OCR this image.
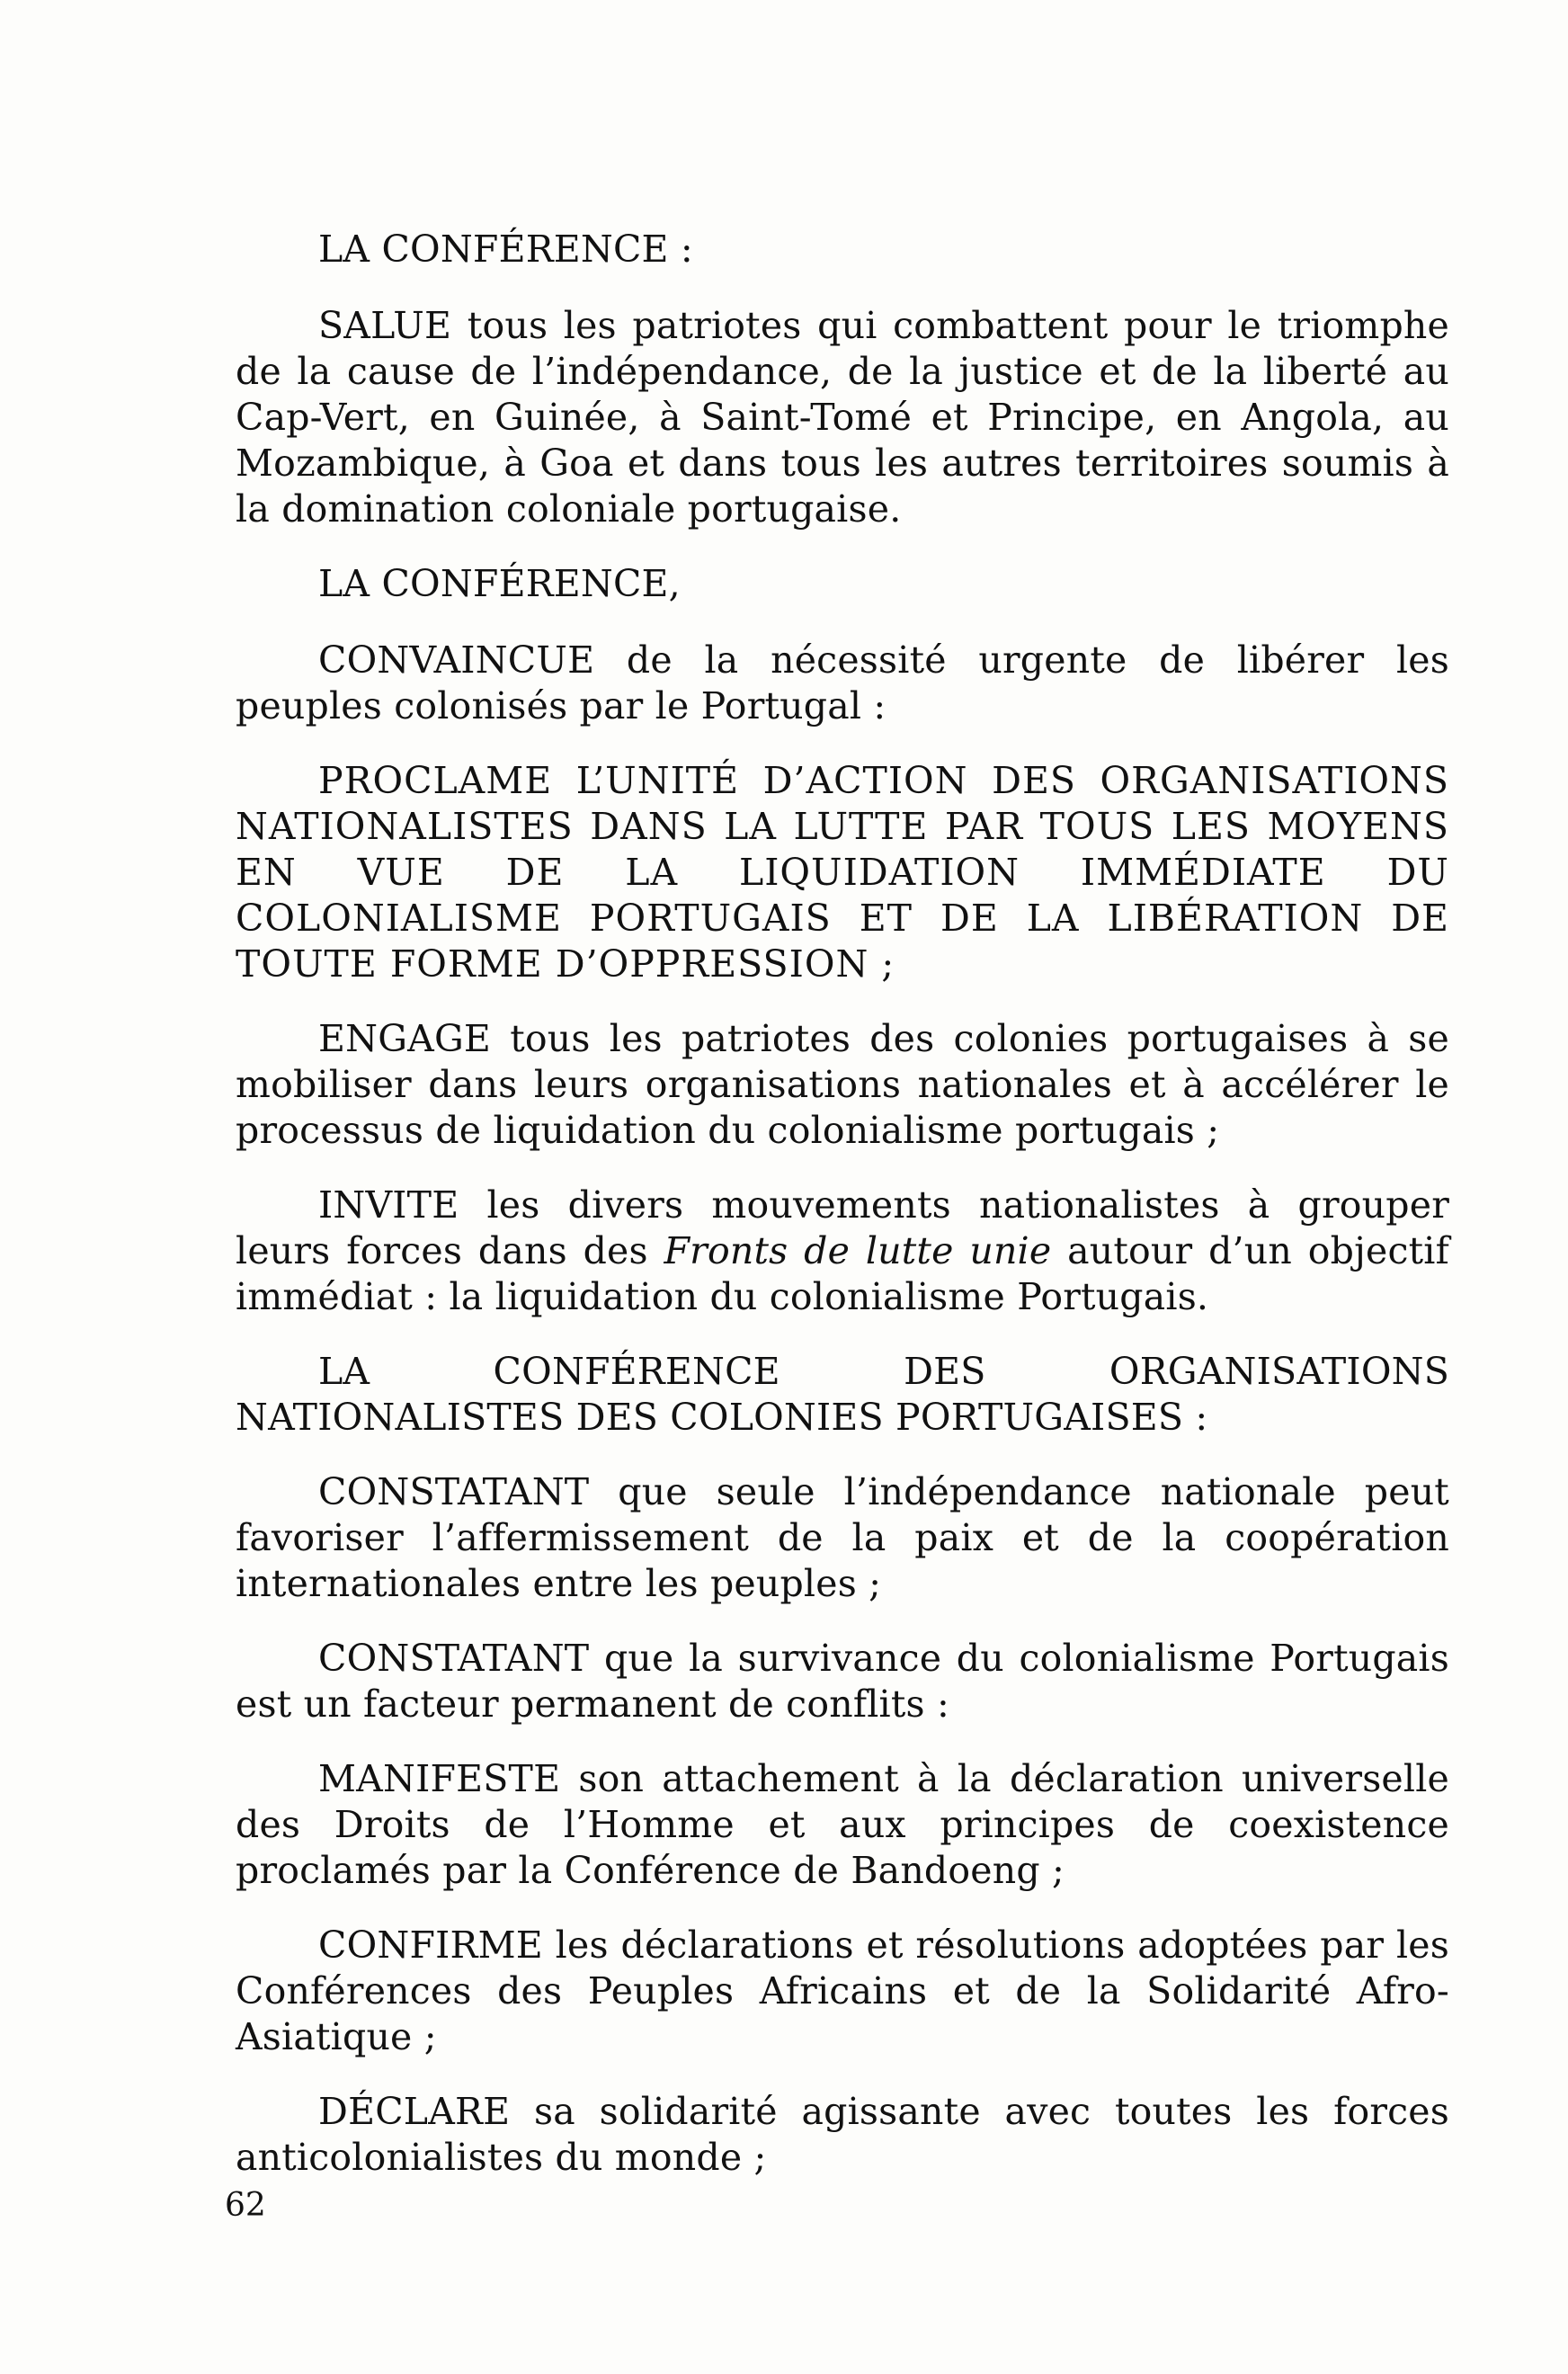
LA CONFÉRENCE :

SALUE tous les patriotes qui combattent pour le triomphe de la cause de l’indépendance, de la justice et de la liberté au Cap-Vert, en Guinée, à Saint-Tomé et Principe, en Angola, au Mozambique, à Goa et dans tous les autres territoires soumis à la domination coloniale portugaise.

LA CONFÉRENCE,

CONVAINCUE de la nécessité urgente de libérer les peuples colonisés par le Portugal :

PROCLAME L’UNITÉ D’ACTION DES ORGANISATIONS NATIONALISTES DANS LA LUTTE PAR TOUS LES MOYENS EN VUE DE LA LIQUIDATION IMMÉDIATE DU COLONIALISME PORTUGAIS ET DE LA LIBÉRATION DE TOUTE FORME D’OPPRESSION ;

ENGAGE tous les patriotes des colonies portugaises à se mobiliser dans leurs organisations nationales et à accélérer le processus de liquidation du colonialisme portugais ;

INVITE les divers mouvements nationalistes à grouper leurs forces dans des Fronts de lutte unie autour d’un objectif immédiat : la liquidation du colonialisme Portugais.

LA CONFÉRENCE DES ORGANISATIONS NATIONALISTES DES COLONIES PORTUGAISES :

CONSTATANT que seule l’indépendance nationale peut favoriser l’affermissement de la paix et de la coopération internationales entre les peuples ;

CONSTATANT que la survivance du colonialisme Portugais est un facteur permanent de conflits :

MANIFESTE son attachement à la déclaration universelle des Droits de l’Homme et aux principes de coexistence proclamés par la Conférence de Bandoeng ;

CONFIRME les déclarations et résolutions adoptées par les Conférences des Peuples Africains et de la Solidarité Afro-Asiatique ;

DÉCLARE sa solidarité agissante avec toutes les forces anticolonialistes du monde ;

62
